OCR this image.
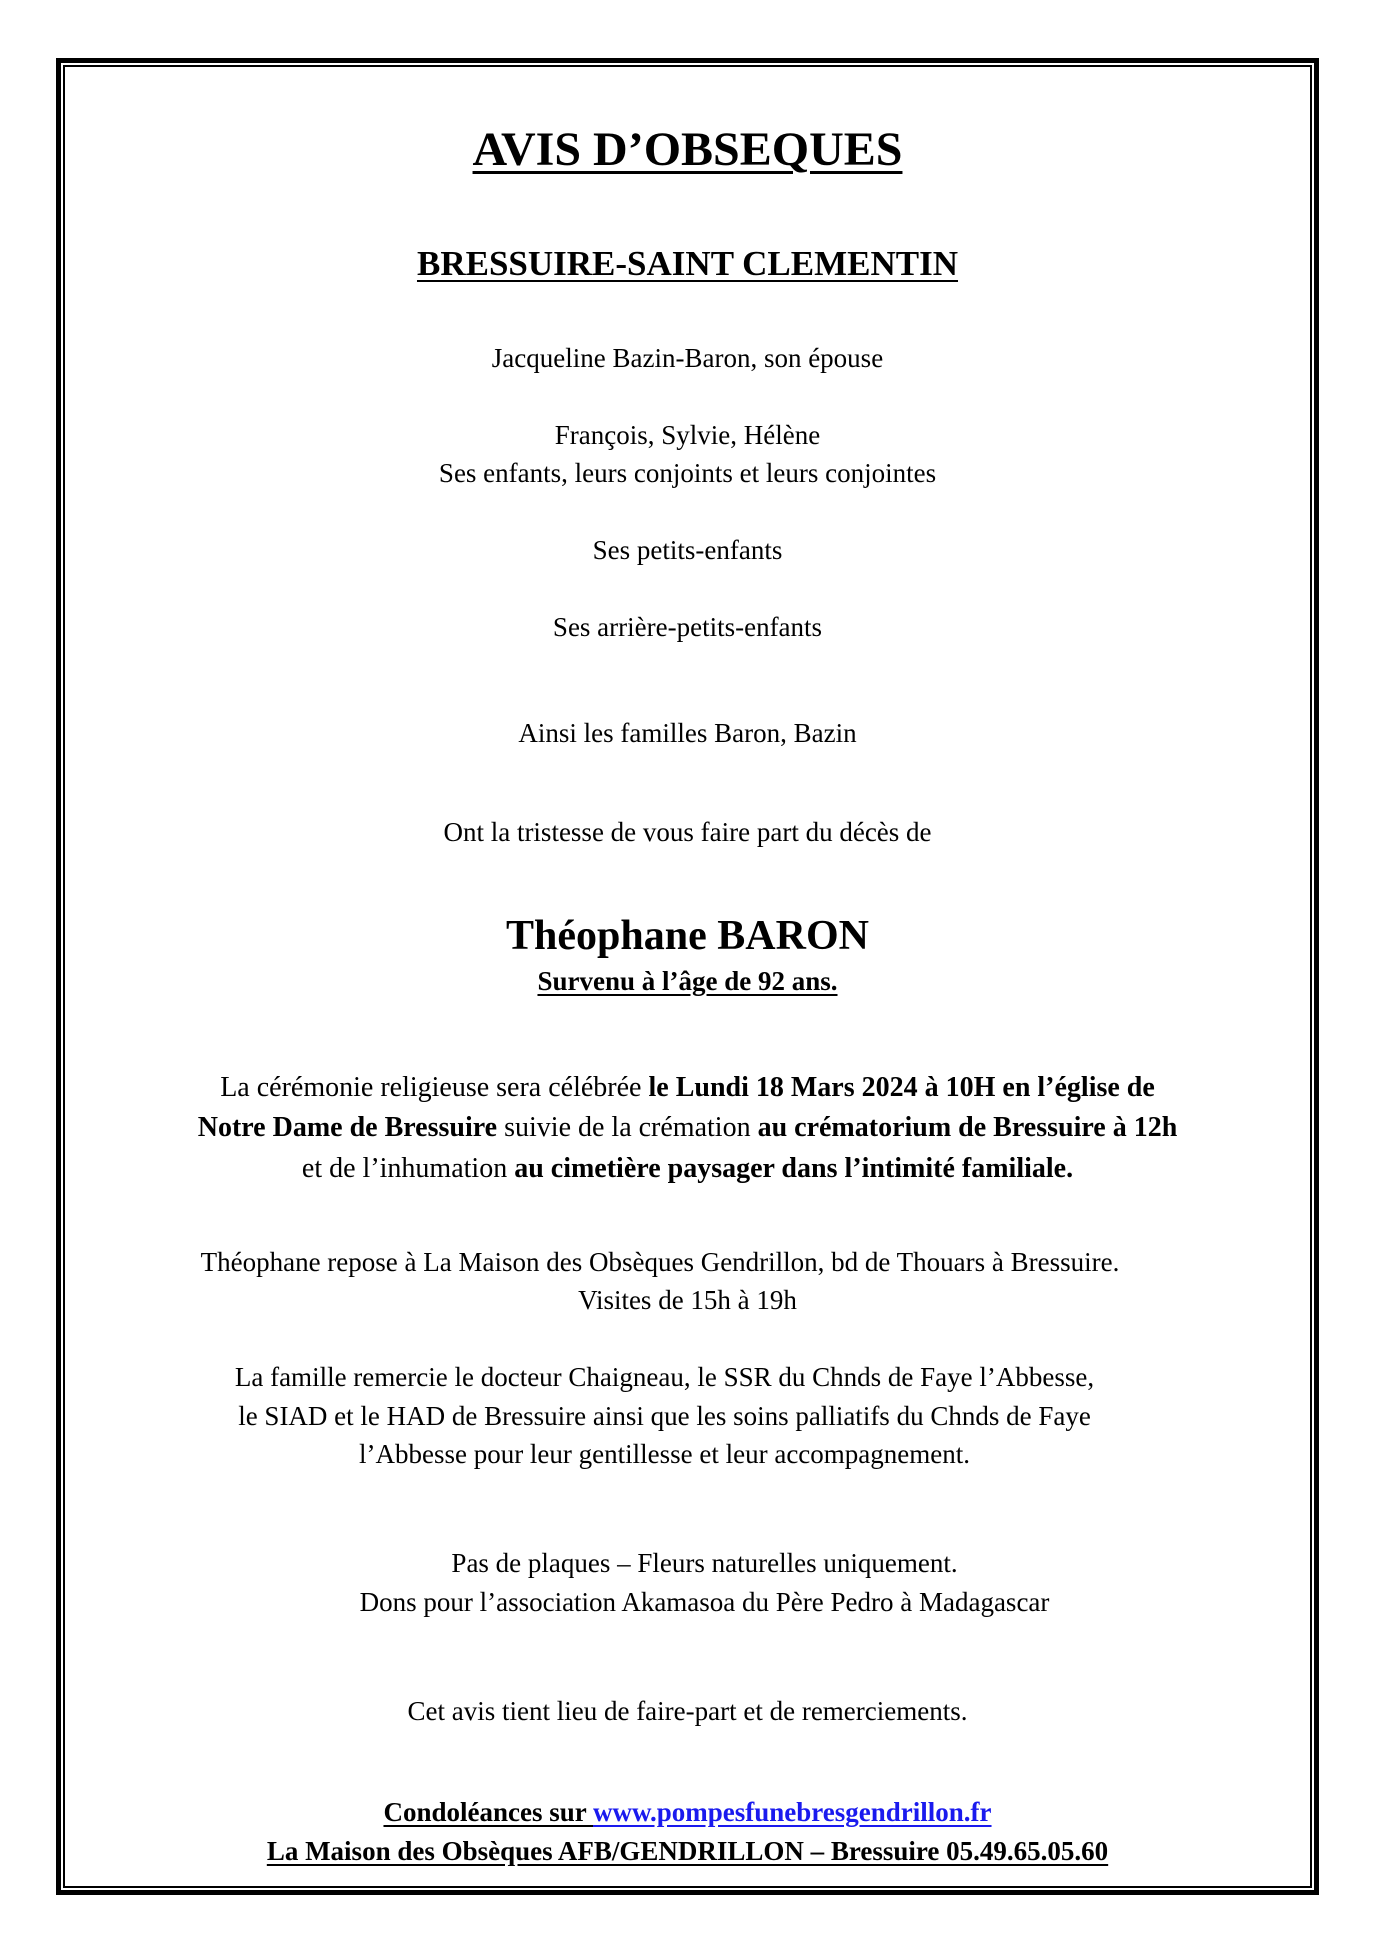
AVIS D’OBSEQUES
BRESSUIRE-SAINT CLEMENTIN
Jacqueline Bazin-Baron, son épouse
François, Sylvie, Hélène
Ses enfants, leurs conjoints et leurs conjointes
Ses petits-enfants
Ses arrière-petits-enfants
Ainsi les familles Baron, Bazin
Ont la tristesse de vous faire part du décès de
Théophane BARON
Survenu à l’âge de 92 ans.
La cérémonie religieuse sera célébrée le Lundi 18 Mars 2024 à 10H en l’église de
Notre Dame de Bressuire suivie de la crémation au crématorium de Bressuire à 12h
et de l’inhumation au cimetière paysager dans l’intimité familiale.
Théophane repose à La Maison des Obsèques Gendrillon, bd de Thouars à Bressuire.
Visites de 15h à 19h
La famille remercie le docteur Chaigneau, le SSR du Chnds de Faye l’Abbesse,
le SIAD et le HAD de Bressuire ainsi que les soins palliatifs du Chnds de Faye
l’Abbesse pour leur gentillesse et leur accompagnement.
Pas de plaques – Fleurs naturelles uniquement.
Dons pour l’association Akamasoa du Père Pedro à Madagascar
Cet avis tient lieu de faire-part et de remerciements.
Condoléances sur www.pompesfunebresgendrillon.fr
La Maison des Obsèques AFB/GENDRILLON – Bressuire 05.49.65.05.60
